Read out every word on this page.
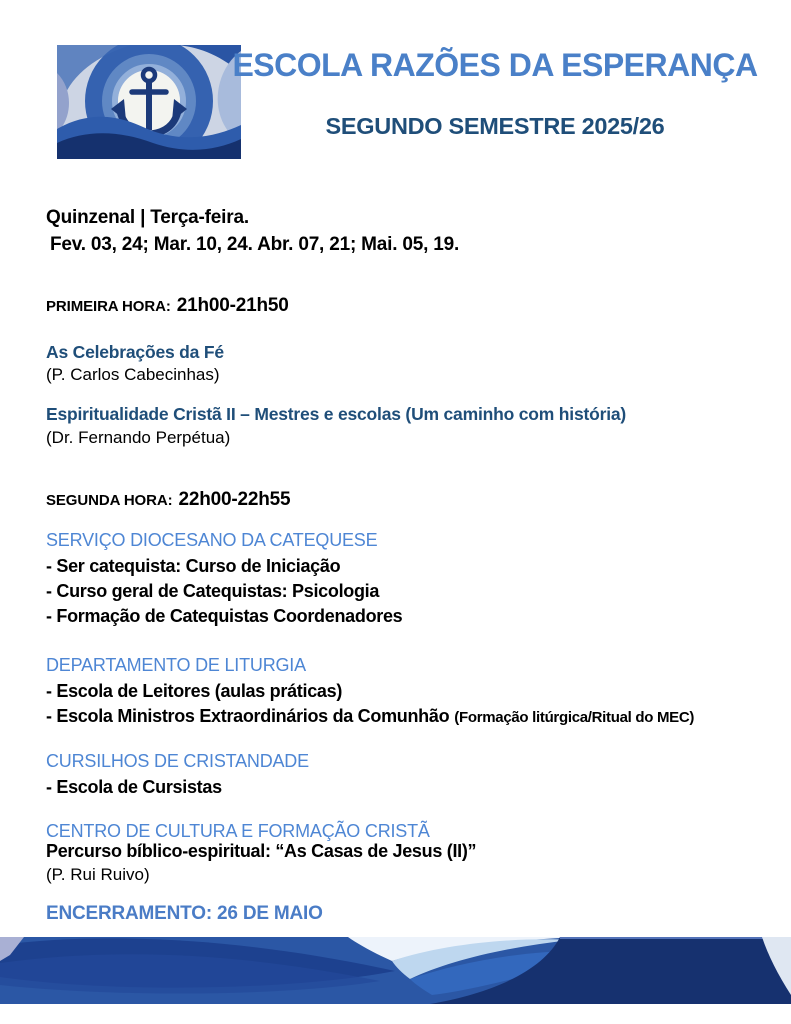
ESCOLA RAZÕES DA ESPERANÇA
SEGUNDO SEMESTRE 2025/26
Quinzenal | Terça-feira.
Fev. 03, 24; Mar. 10, 24. Abr. 07, 21; Mai. 05, 19.
PRIMEIRA HORA: 21h00-21h50
As Celebrações da Fé
(P. Carlos Cabecinhas)
Espiritualidade Cristã II – Mestres e escolas (Um caminho com história)
(Dr. Fernando Perpétua)
SEGUNDA HORA: 22h00-22h55
SERVIÇO DIOCESANO DA CATEQUESE
- Ser catequista: Curso de Iniciação
- Curso geral de Catequistas: Psicologia
- Formação de Catequistas Coordenadores
DEPARTAMENTO DE LITURGIA
- Escola de Leitores (aulas práticas)
- Escola Ministros Extraordinários da Comunhão (Formação litúrgica/Ritual do MEC)
CURSILHOS DE CRISTANDADE
- Escola de Cursistas
CENTRO DE CULTURA E FORMAÇÃO CRISTÃ
Percurso bíblico-espiritual: “As Casas de Jesus (II)”
(P. Rui Ruivo)
ENCERRAMENTO: 26 DE MAIO
